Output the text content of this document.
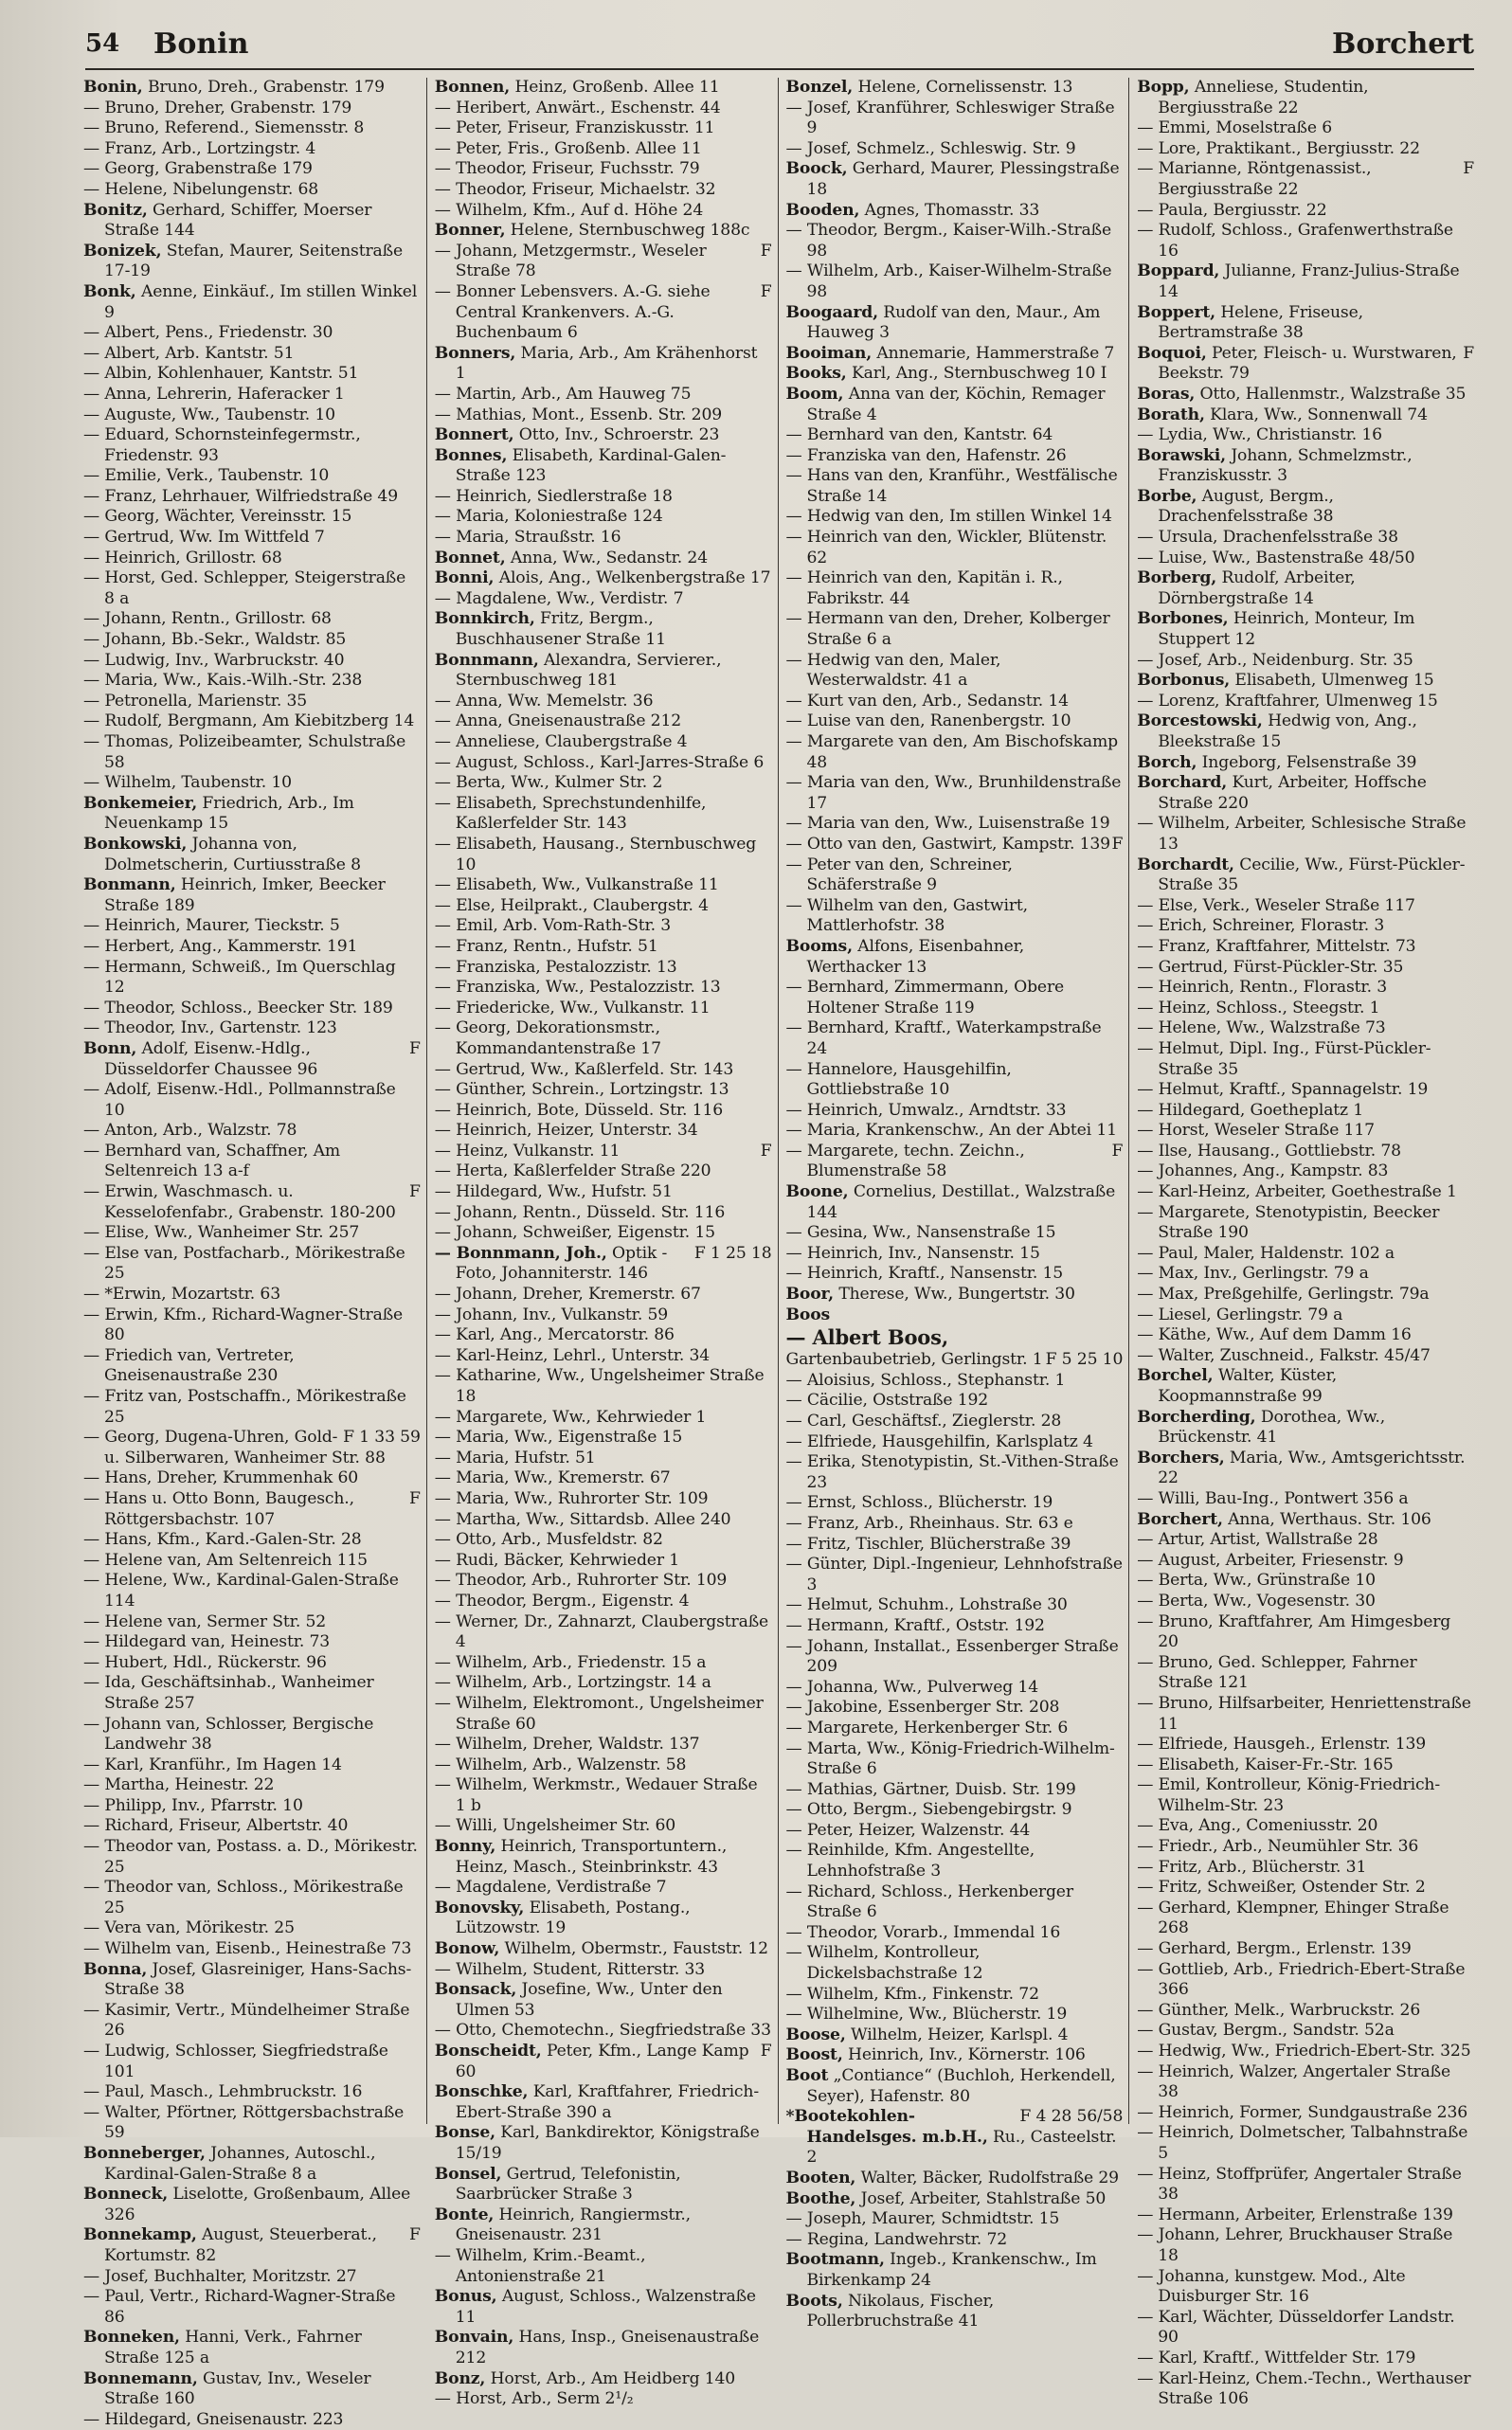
54	Bonin	Borchert
Bonin, Bruno, Dreh., Grabenstr. 179
— Bruno, Dreher, Grabenstr. 179
— Bruno, Referend., Siemensstr. 8
— Franz, Arb., Lortzingstr. 4
— Georg, Grabenstraße 179
— Helene, Nibelungenstr. 68
Bonitz, Gerhard, Schiffer, Moerser Straße 144
Bonizek, Stefan, Maurer, Seitenstraße 17-19
Bonk, Aenne, Einkäuf., Im stillen Winkel 9
— Albert, Pens., Friedenstr. 30
— Albert, Arb. Kantstr. 51
— Albin, Kohlenhauer, Kantstr. 51
— Anna, Lehrerin, Haferacker 1
— Auguste, Ww., Taubenstr. 10
— Eduard, Schornsteinfegermstr., Friedenstr. 93
— Emilie, Verk., Taubenstr. 10
— Franz, Lehrhauer, Wilfriedstraße 49
— Georg, Wächter, Vereinsstr. 15
— Gertrud, Ww. Im Wittfeld 7
— Heinrich, Grillostr. 68
— Horst, Ged. Schlepper, Steigerstraße 8 a
— Johann, Rentn., Grillostr. 68
— Johann, Bb.-Sekr., Waldstr. 85
— Ludwig, Inv., Warbruckstr. 40
— Maria, Ww., Kais.-Wilh.-Str. 238
— Petronella, Marienstr. 35
— Rudolf, Bergmann, Am Kiebitzberg 14
— Thomas, Polizeibeamter, Schulstraße 58
— Wilhelm, Taubenstr. 10
Bonkemeier, Friedrich, Arb., Im Neuenkamp 15
Bonkowski, Johanna von, Dolmetscherin, Curtiusstraße 8
Bonmann, Heinrich, Imker, Beecker Straße 189
— Heinrich, Maurer, Tieckstr. 5
— Herbert, Ang., Kammerstr. 191
— Hermann, Schweiß., Im Querschlag 12
— Theodor, Schloss., Beecker Str. 189
— Theodor, Inv., Gartenstr. 123
F
Bonn, Adolf, Eisenw.-Hdlg., Düsseldorfer Chaussee 96
— Adolf, Eisenw.-Hdl., Pollmannstraße 10
— Anton, Arb., Walzstr. 78
— Bernhard van, Schaffner, Am Seltenreich 13 a-f
F
— Erwin, Waschmasch. u. Kesselofenfabr., Grabenstr. 180-200
— Elise, Ww., Wanheimer Str. 257
— Else van, Postfacharb., Mörikestraße 25
— *Erwin, Mozartstr. 63
— Erwin, Kfm., Richard-Wagner-Straße 80
— Friedich van, Vertreter, Gneisenaustraße 230
— Fritz van, Postschaffn., Mörikestraße 25
F 1 33 59
— Georg, Dugena-Uhren, Gold- u. Silberwaren, Wanheimer Str. 88
— Hans, Dreher, Krummenhak 60
F
— Hans u. Otto Bonn, Baugesch., Röttgersbachstr. 107
— Hans, Kfm., Kard.-Galen-Str. 28
— Helene van, Am Seltenreich 115
— Helene, Ww., Kardinal-Galen-Straße 114
— Helene van, Sermer Str. 52
— Hildegard van, Heinestr. 73
— Hubert, Hdl., Rückerstr. 96
— Ida, Geschäftsinhab., Wanheimer Straße 257
— Johann van, Schlosser, Bergische Landwehr 38
— Karl, Kranführ., Im Hagen 14
— Martha, Heinestr. 22
— Philipp, Inv., Pfarrstr. 10
— Richard, Friseur, Albertstr. 40
— Theodor van, Postass. a. D., Mörikestr. 25
— Theodor van, Schloss., Mörikestraße 25
— Vera van, Mörikestr. 25
— Wilhelm van, Eisenb., Heinestraße 73
Bonna, Josef, Glasreiniger, Hans-Sachs-Straße 38
— Kasimir, Vertr., Mündelheimer Straße 26
— Ludwig, Schlosser, Siegfriedstraße 101
— Paul, Masch., Lehmbruckstr. 16
— Walter, Pförtner, Röttgersbachstraße 59
Bonneberger, Johannes, Autoschl., Kardinal-Galen-Straße 8 a
Bonneck, Liselotte, Großenbaum, Allee 326
F
Bonnekamp, August, Steuerberat., Kortumstr. 82
— Josef, Buchhalter, Moritzstr. 27
— Paul, Vertr., Richard-Wagner-Straße 86
Bonneken, Hanni, Verk., Fahrner Straße 125 a
Bonnemann, Gustav, Inv., Weseler Straße 160
— Hildegard, Gneisenaustr. 223
Bonnen, Heinz, Großenb. Allee 11
— Heribert, Anwärt., Eschenstr. 44
— Peter, Friseur, Franziskusstr. 11
— Peter, Fris., Großenb. Allee 11
— Theodor, Friseur, Fuchsstr. 79
— Theodor, Friseur, Michaelstr. 32
— Wilhelm, Kfm., Auf d. Höhe 24
Bonner, Helene, Sternbuschweg 188c
F
— Johann, Metzgermstr., Weseler Straße 78
F
— Bonner Lebensvers. A.-G. siehe Central Krankenvers. A.-G. Buchenbaum 6
Bonners, Maria, Arb., Am Krähenhorst 1
— Martin, Arb., Am Hauweg 75
— Mathias, Mont., Essenb. Str. 209
Bonnert, Otto, Inv., Schroerstr. 23
Bonnes, Elisabeth, Kardinal-Galen-Straße 123
— Heinrich, Siedlerstraße 18
— Maria, Koloniestraße 124
— Maria, Straußstr. 16
Bonnet, Anna, Ww., Sedanstr. 24
Bonni, Alois, Ang., Welkenbergstraße 17
— Magdalene, Ww., Verdistr. 7
Bonnkirch, Fritz, Bergm., Buschhausener Straße 11
Bonnmann, Alexandra, Servierer., Sternbuschweg 181
— Anna, Ww. Memelstr. 36
— Anna, Gneisenaustraße 212
— Anneliese, Claubergstraße 4
— August, Schloss., Karl-Jarres-Straße 6
— Berta, Ww., Kulmer Str. 2
— Elisabeth, Sprechstundenhilfe, Kaßlerfelder Str. 143
— Elisabeth, Hausang., Sternbuschweg 10
— Elisabeth, Ww., Vulkanstraße 11
— Else, Heilprakt., Claubergstr. 4
— Emil, Arb. Vom-Rath-Str. 3
— Franz, Rentn., Hufstr. 51
— Franziska, Pestalozzistr. 13
— Franziska, Ww., Pestalozzistr. 13
— Friedericke, Ww., Vulkanstr. 11
— Georg, Dekorationsmstr., Kommandantenstraße 17
— Gertrud, Ww., Kaßlerfeld. Str. 143
— Günther, Schrein., Lortzingstr. 13
— Heinrich, Bote, Düsseld. Str. 116
— Heinrich, Heizer, Unterstr. 34
F
— Heinz, Vulkanstr. 11
— Herta, Kaßlerfelder Straße 220
— Hildegard, Ww., Hufstr. 51
— Johann, Rentn., Düsseld. Str. 116
— Johann, Schweißer, Eigenstr. 15
F 1 25 18
— Bonnmann, Joh., Optik - Foto, Johanniterstr. 146
— Johann, Dreher, Kremerstr. 67
— Johann, Inv., Vulkanstr. 59
— Karl, Ang., Mercatorstr. 86
— Karl-Heinz, Lehrl., Unterstr. 34
— Katharine, Ww., Ungelsheimer Straße 18
— Margarete, Ww., Kehrwieder 1
— Maria, Ww., Eigenstraße 15
— Maria, Hufstr. 51
— Maria, Ww., Kremerstr. 67
— Maria, Ww., Ruhrorter Str. 109
— Martha, Ww., Sittardsb. Allee 240
— Otto, Arb., Musfeldstr. 82
— Rudi, Bäcker, Kehrwieder 1
— Theodor, Arb., Ruhrorter Str. 109
— Theodor, Bergm., Eigenstr. 4
— Werner, Dr., Zahnarzt, Claubergstraße 4
— Wilhelm, Arb., Friedenstr. 15 a
— Wilhelm, Arb., Lortzingstr. 14 a
— Wilhelm, Elektromont., Ungelsheimer Straße 60
— Wilhelm, Dreher, Waldstr. 137
— Wilhelm, Arb., Walzenstr. 58
— Wilhelm, Werkmstr., Wedauer Straße 1 b
— Willi, Ungelsheimer Str. 60
Bonny, Heinrich, Transportuntern., Heinz, Masch., Steinbrinkstr. 43
— Magdalene, Verdistraße 7
Bonovsky, Elisabeth, Postang., Lützowstr. 19
Bonow, Wilhelm, Obermstr., Fauststr. 12
— Wilhelm, Student, Ritterstr. 33
Bonsack, Josefine, Ww., Unter den Ulmen 53
— Otto, Chemotechn., Siegfriedstraße 33
F
Bonscheidt, Peter, Kfm., Lange Kamp 60
Bonschke, Karl, Kraftfahrer, Friedrich-Ebert-Straße 390 a
Bonse, Karl, Bankdirektor, Königstraße 15/19
Bonsel, Gertrud, Telefonistin, Saarbrücker Straße 3
Bonte, Heinrich, Rangiermstr., Gneisenaustr. 231
— Wilhelm, Krim.-Beamt., Antonienstraße 21
Bonus, August, Schloss., Walzenstraße 11
Bonvain, Hans, Insp., Gneisenaustraße 212
Bonz, Horst, Arb., Am Heidberg 140
— Horst, Arb., Serm 2¹/₂
Bonzel, Helene, Cornelissenstr. 13
— Josef, Kranführer, Schleswiger Straße 9
— Josef, Schmelz., Schleswig. Str. 9
Boock, Gerhard, Maurer, Plessingstraße 18
Booden, Agnes, Thomasstr. 33
— Theodor, Bergm., Kaiser-Wilh.-Straße 98
— Wilhelm, Arb., Kaiser-Wilhelm-Straße 98
Boogaard, Rudolf van den, Maur., Am Hauweg 3
Booiman, Annemarie, Hammerstraße 7
Books, Karl, Ang., Sternbuschweg 10 I
Boom, Anna van der, Köchin, Remager Straße 4
— Bernhard van den, Kantstr. 64
— Franziska van den, Hafenstr. 26
— Hans van den, Kranführ., Westfälische Straße 14
— Hedwig van den, Im stillen Winkel 14
— Heinrich van den, Wickler, Blütenstr. 62
— Heinrich van den, Kapitän i. R., Fabrikstr. 44
— Hermann van den, Dreher, Kolberger Straße 6 a
— Hedwig van den, Maler, Westerwaldstr. 41 a
— Kurt van den, Arb., Sedanstr. 14
— Luise van den, Ranenbergstr. 10
— Margarete van den, Am Bischofskamp 48
— Maria van den, Ww., Brunhildenstraße 17
— Maria van den, Ww., Luisenstraße 19
F
— Otto van den, Gastwirt, Kampstr. 139
— Peter van den, Schreiner, Schäferstraße 9
— Wilhelm van den, Gastwirt, Mattlerhofstr. 38
Booms, Alfons, Eisenbahner, Werthacker 13
— Bernhard, Zimmermann, Obere Holtener Straße 119
— Bernhard, Kraftf., Waterkampstraße 24
— Hannelore, Hausgehilfin, Gottliebstraße 10
— Heinrich, Umwalz., Arndtstr. 33
— Maria, Krankenschw., An der Abtei 11
F
— Margarete, techn. Zeichn., Blumenstraße 58
Boone, Cornelius, Destillat., Walzstraße 144
— Gesina, Ww., Nansenstraße 15
— Heinrich, Inv., Nansenstr. 15
— Heinrich, Kraftf., Nansenstr. 15
Boor, Therese, Ww., Bungertstr. 30
Boos
— Albert Boos,
F 5 25 10
Gartenbaubetrieb, Gerlingstr. 1
— Aloisius, Schloss., Stephanstr. 1
— Cäcilie, Oststraße 192
— Carl, Geschäftsf., Zieglerstr. 28
— Elfriede, Hausgehilfin, Karlsplatz 4
— Erika, Stenotypistin, St.-Vithen-Straße 23
— Ernst, Schloss., Blücherstr. 19
— Franz, Arb., Rheinhaus. Str. 63 e
— Fritz, Tischler, Blücherstraße 39
— Günter, Dipl.-Ingenieur, Lehnhofstraße 3
— Helmut, Schuhm., Lohstraße 30
— Hermann, Kraftf., Oststr. 192
— Johann, Installat., Essenberger Straße 209
— Johanna, Ww., Pulverweg 14
— Jakobine, Essenberger Str. 208
— Margarete, Herkenberger Str. 6
— Marta, Ww., König-Friedrich-Wilhelm-Straße 6
— Mathias, Gärtner, Duisb. Str. 199
— Otto, Bergm., Siebengebirgstr. 9
— Peter, Heizer, Walzenstr. 44
— Reinhilde, Kfm. Angestellte, Lehnhofstraße 3
— Richard, Schloss., Herkenberger Straße 6
— Theodor, Vorarb., Immendal 16
— Wilhelm, Kontrolleur, Dickelsbachstraße 12
— Wilhelm, Kfm., Finkenstr. 72
— Wilhelmine, Ww., Blücherstr. 19
Boose, Wilhelm, Heizer, Karlspl. 4
Boost, Heinrich, Inv., Körnerstr. 106
Boot „Contiance“ (Buchloh, Herkendell, Seyer), Hafenstr. 80
F 4 28 56/58
*Bootekohlen-Handelsges. m.b.H., Ru., Casteelstr. 2
Booten, Walter, Bäcker, Rudolfstraße 29
Boothe, Josef, Arbeiter, Stahlstraße 50
— Joseph, Maurer, Schmidtstr. 15
— Regina, Landwehrstr. 72
Bootmann, Ingeb., Krankenschw., Im Birkenkamp 24
Boots, Nikolaus, Fischer, Pollerbruchstraße 41
Bopp, Anneliese, Studentin, Bergiusstraße 22
— Emmi, Moselstraße 6
— Lore, Praktikant., Bergiusstr. 22
F
— Marianne, Röntgenassist., Bergiusstraße 22
— Paula, Bergiusstr. 22
— Rudolf, Schloss., Grafenwerthstraße 16
Boppard, Julianne, Franz-Julius-Straße 14
Boppert, Helene, Friseuse, Bertramstraße 38
F
Boquoi, Peter, Fleisch- u. Wurstwaren, Beekstr. 79
Boras, Otto, Hallenmstr., Walzstraße 35
Borath, Klara, Ww., Sonnenwall 74
— Lydia, Ww., Christianstr. 16
Borawski, Johann, Schmelzmstr., Franziskusstr. 3
Borbe, August, Bergm., Drachenfelsstraße 38
— Ursula, Drachenfelsstraße 38
— Luise, Ww., Bastenstraße 48/50
Borberg, Rudolf, Arbeiter, Dörnbergstraße 14
Borbones, Heinrich, Monteur, Im Stuppert 12
— Josef, Arb., Neidenburg. Str. 35
Borbonus, Elisabeth, Ulmenweg 15
— Lorenz, Kraftfahrer, Ulmenweg 15
Borcestowski, Hedwig von, Ang., Bleekstraße 15
Borch, Ingeborg, Felsenstraße 39
Borchard, Kurt, Arbeiter, Hoffsche Straße 220
— Wilhelm, Arbeiter, Schlesische Straße 13
Borchardt, Cecilie, Ww., Fürst-Pückler-Straße 35
— Else, Verk., Weseler Straße 117
— Erich, Schreiner, Florastr. 3
— Franz, Kraftfahrer, Mittelstr. 73
— Gertrud, Fürst-Pückler-Str. 35
— Heinrich, Rentn., Florastr. 3
— Heinz, Schloss., Steegstr. 1
— Helene, Ww., Walzstraße 73
— Helmut, Dipl. Ing., Fürst-Pückler-Straße 35
— Helmut, Kraftf., Spannagelstr. 19
— Hildegard, Goetheplatz 1
— Horst, Weseler Straße 117
— Ilse, Hausang., Gottliebstr. 78
— Johannes, Ang., Kampstr. 83
— Karl-Heinz, Arbeiter, Goethestraße 1
— Margarete, Stenotypistin, Beecker Straße 190
— Paul, Maler, Haldenstr. 102 a
— Max, Inv., Gerlingstr. 79 a
— Max, Preßgehilfe, Gerlingstr. 79a
— Liesel, Gerlingstr. 79 a
— Käthe, Ww., Auf dem Damm 16
— Walter, Zuschneid., Falkstr. 45/47
Borchel, Walter, Küster, Koopmannstraße 99
Borcherding, Dorothea, Ww., Brückenstr. 41
Borchers, Maria, Ww., Amtsgerichtsstr. 22
— Willi, Bau-Ing., Pontwert 356 a
Borchert, Anna, Werthaus. Str. 106
— Artur, Artist, Wallstraße 28
— August, Arbeiter, Friesenstr. 9
— Berta, Ww., Grünstraße 10
— Berta, Ww., Vogesenstr. 30
— Bruno, Kraftfahrer, Am Himgesberg 20
— Bruno, Ged. Schlepper, Fahrner Straße 121
— Bruno, Hilfsarbeiter, Henriettenstraße 11
— Elfriede, Hausgeh., Erlenstr. 139
— Elisabeth, Kaiser-Fr.-Str. 165
— Emil, Kontrolleur, König-Friedrich-Wilhelm-Str. 23
— Eva, Ang., Comeniusstr. 20
— Friedr., Arb., Neumühler Str. 36
— Fritz, Arb., Blücherstr. 31
— Fritz, Schweißer, Ostender Str. 2
— Gerhard, Klempner, Ehinger Straße 268
— Gerhard, Bergm., Erlenstr. 139
— Gottlieb, Arb., Friedrich-Ebert-Straße 366
— Günther, Melk., Warbruckstr. 26
— Gustav, Bergm., Sandstr. 52a
— Hedwig, Ww., Friedrich-Ebert-Str. 325
— Heinrich, Walzer, Angertaler Straße 38
— Heinrich, Former, Sundgaustraße 236
— Heinrich, Dolmetscher, Talbahnstraße 5
— Heinz, Stoffprüfer, Angertaler Straße 38
— Hermann, Arbeiter, Erlenstraße 139
— Johann, Lehrer, Bruckhauser Straße 18
— Johanna, kunstgew. Mod., Alte Duisburger Str. 16
— Karl, Wächter, Düsseldorfer Landstr. 90
— Karl, Kraftf., Wittfelder Str. 179
— Karl-Heinz, Chem.-Techn., Werthauser Straße 106
